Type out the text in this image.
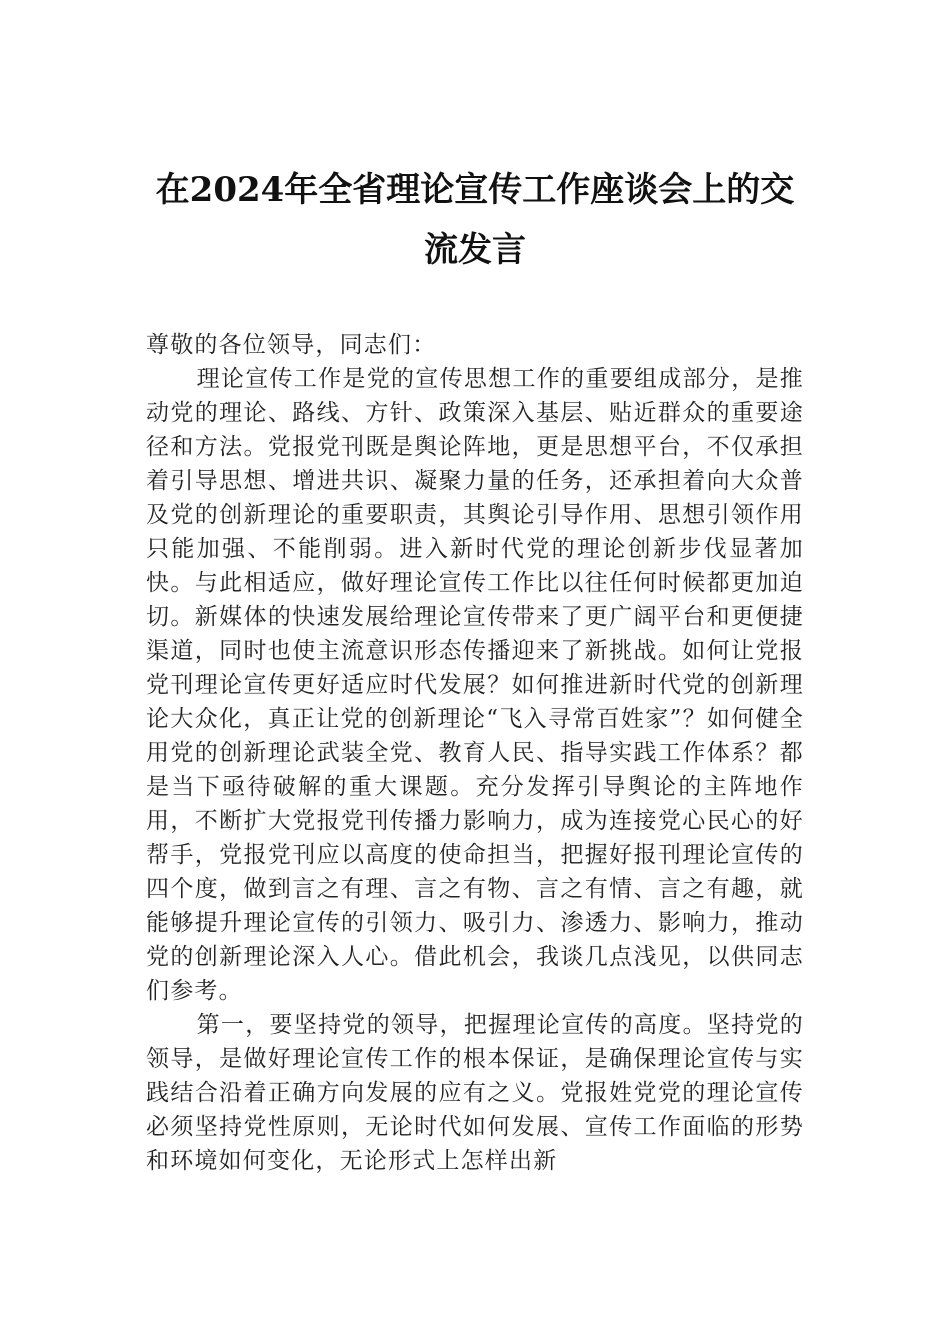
在2024年全省理论宣传工作座谈会上的交
流发言

尊敬的各位领导，同志们：

理论宣传工作是党的宣传思想工作的重要组成部分，是推动党的理论、路线、方针、政策深入基层、贴近群众的重要途径和方法。党报党刊既是舆论阵地，更是思想平台，不仅承担着引导思想、增进共识、凝聚力量的任务，还承担着向大众普及党的创新理论的重要职责，其舆论引导作用、思想引领作用只能加强、不能削弱。进入新时代党的理论创新步伐显著加快。与此相适应，做好理论宣传工作比以往任何时候都更加迫切。新媒体的快速发展给理论宣传带来了更广阔平台和更便捷渠道，同时也使主流意识形态传播迎来了新挑战。如何让党报党刊理论宣传更好适应时代发展？如何推进新时代党的创新理论大众化，真正让党的创新理论“飞入寻常百姓家”？如何健全用党的创新理论武装全党、教育人民、指导实践工作体系？都是当下亟待破解的重大课题。充分发挥引导舆论的主阵地作用，不断扩大党报党刊传播力影响力，成为连接党心民心的好帮手，党报党刊应以高度的使命担当，把握好报刊理论宣传的四个度，做到言之有理、言之有物、言之有情、言之有趣，就能够提升理论宣传的引领力、吸引力、渗透力、影响力，推动党的创新理论深入人心。借此机会，我谈几点浅见，以供同志们参考。

第一，要坚持党的领导，把握理论宣传的高度。坚持党的领导，是做好理论宣传工作的根本保证，是确保理论宣传与实践结合沿着正确方向发展的应有之义。党报姓党党的理论宣传必须坚持党性原则，无论时代如何发展、宣传工作面临的形势和环境如何变化，无论形式上怎样出新
